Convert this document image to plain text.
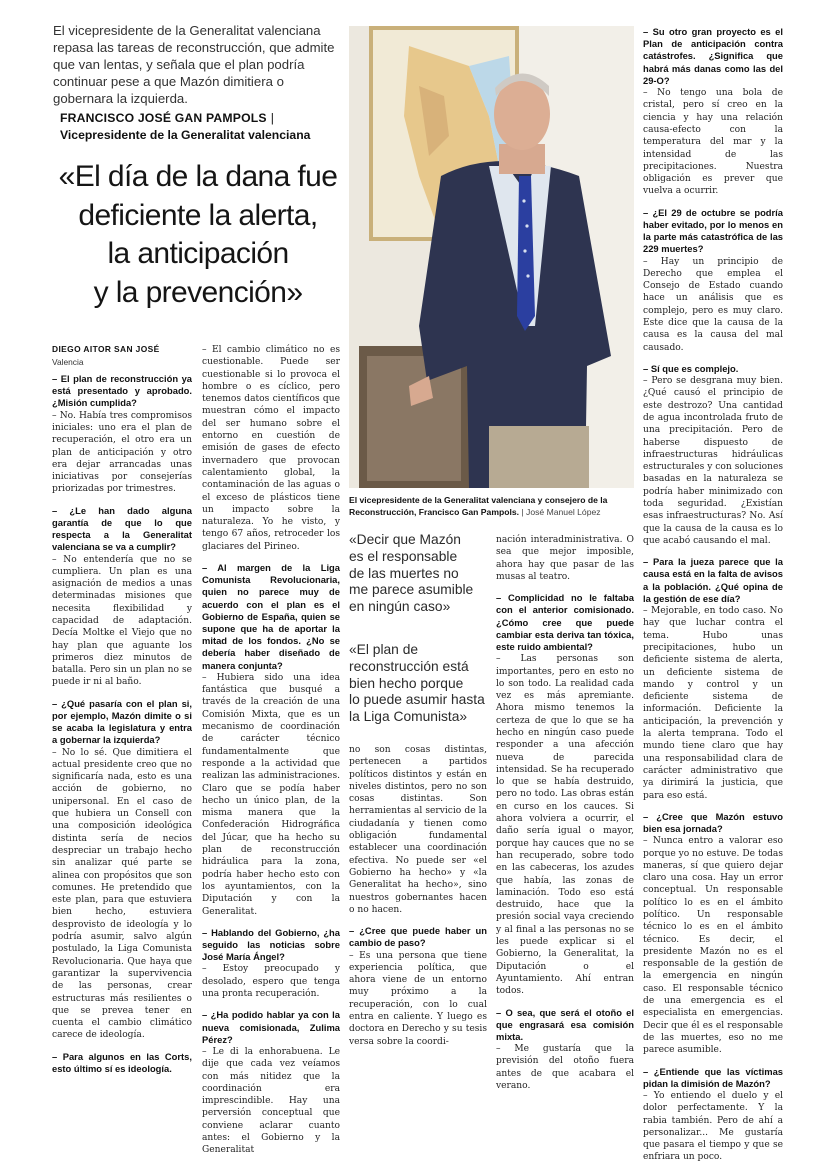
El vicepresidente de la Generalitat valenciana repasa las tareas de reconstrucción, que admite que van lentas, y señala que el plan podría continuar pese a que Mazón dimitiera o gobernara la izquierda.
FRANCISCO JOSÉ GAN PAMPOLS |
Vicepresidente de la Generalitat valenciana
«El día de la dana fue
deficiente la alerta,
la anticipación
y la prevención»
DIEGO AITOR SAN JOSÉ
Valencia
El vicepresidente de la Generalitat valenciana y consejero de la Reconstrucción, Francisco Gan Pampols. | José Manuel López
«Decir que Mazón
es el responsable
de las muertes no
me parece asumible
en ningún caso»
«El plan de
reconstrucción está
bien hecho porque
lo puede asumir hasta
la Liga Comunista»
– El plan de reconstrucción ya está presentado y aprobado. ¿Misión cumplida?
– No. Había tres compromisos iniciales: uno era el plan de recuperación, el otro era un plan de anticipación y otro era dejar arrancadas unas iniciativas por consejerías priorizadas por trimestres.
– ¿Le han dado alguna garantía de que lo que respecta a la Generalitat valenciana se va a cumplir?
– No entendería que no se cumpliera. Un plan es una asignación de medios a unas determinadas misiones que necesita flexibilidad y capacidad de adaptación. Decía Moltke el Viejo que no hay plan que aguante los primeros diez minutos de batalla. Pero sin un plan no se puede ir ni al baño.
– ¿Qué pasaría con el plan si, por ejemplo, Mazón dimite o si se acaba la legislatura y entra a gobernar la izquierda?
– No lo sé. Que dimitiera el actual presidente creo que no significaría nada, esto es una acción de gobierno, no unipersonal. En el caso de que hubiera un Consell con una composición ideológica distinta sería de necios despreciar un trabajo hecho sin analizar qué parte se alinea con propósitos que son comunes. He pretendido que este plan, para que estuviera bien hecho, estuviera desprovisto de ideología y lo podría asumir, salvo algún postulado, la Liga Comunista Revolucionaria. Que haya que garantizar la supervivencia de las personas, crear estructuras más resilientes o que se prevea tener en cuenta el cambio climático carece de ideología.
– Para algunos en las Corts, esto último sí es ideología.
– El cambio climático no es cuestionable. Puede ser cuestionable si lo provoca el hombre o es cíclico, pero tenemos datos científicos que muestran cómo el impacto del ser humano sobre el entorno en cuestión de emisión de gases de efecto invernadero que provocan calentamiento global, la contaminación de las aguas o el exceso de plásticos tiene un impacto sobre la naturaleza. Yo he visto, y tengo 67 años, retroceder los glaciares del Pirineo.
– Al margen de la Liga Comunista Revolucionaria, quien no parece muy de acuerdo con el plan es el Gobierno de España, quien se supone que ha de aportar la mitad de los fondos. ¿No se debería haber diseñado de manera conjunta?
– Hubiera sido una idea fantástica que busqué a través de la creación de una Comisión Mixta, que es un mecanismo de coordinación de carácter técnico fundamentalmente que responde a la actividad que realizan las administraciones. Claro que se podía haber hecho un único plan, de la misma manera que la Confederación Hidrográfica del Júcar, que ha hecho su plan de reconstrucción hidráulica para la zona, podría haber hecho esto con los ayuntamientos, con la Diputación y con la Generalitat.
– Hablando del Gobierno, ¿ha seguido las noticias sobre José María Ángel?
– Estoy preocupado y desolado, espero que tenga una pronta recuperación.
– ¿Ha podido hablar ya con la nueva comisionada, Zulima Pérez?
– Le di la enhorabuena. Le dije que cada vez veíamos con más nitidez que la coordinación era imprescindible. Hay una perversión conceptual que conviene aclarar cuanto antes: el Gobierno y la Generalitat
no son cosas distintas, pertenecen a partidos políticos distintos y están en niveles distintos, pero no son cosas distintas. Son herramientas al servicio de la ciudadanía y tienen como obligación fundamental establecer una coordinación efectiva. No puede ser «el Gobierno ha hecho» y «la Generalitat ha hecho», sino nuestros gobernantes hacen o no hacen.
– ¿Cree que puede haber un cambio de paso?
– Es una persona que tiene experiencia política, que ahora viene de un entorno muy próximo a la recuperación, con lo cual entra en caliente. Y luego es doctora en Derecho y su tesis versa sobre la coordi-
nación interadministrativa. O sea que mejor imposible, ahora hay que pasar de las musas al teatro.
– Complicidad no le faltaba con el anterior comisionado. ¿Cómo cree que puede cambiar esta deriva tan tóxica, este ruido ambiental?
– Las personas son importantes, pero en esto no lo son todo. La realidad cada vez es más apremiante. Ahora mismo tenemos la certeza de que lo que se ha hecho en ningún caso puede responder a una afección nueva de parecida intensidad. Se ha recuperado lo que se había destruido, pero no todo. Las obras están en curso en los cauces. Si ahora volviera a ocurrir, el daño sería igual o mayor, porque hay cauces que no se han recuperado, sobre todo en las cabeceras, los azudes que había, las zonas de laminación. Todo eso está destruido, hace que la presión social vaya creciendo y al final a las personas no se les puede explicar si el Gobierno, la Generalitat, la Diputación o el Ayuntamiento. Ahí entran todos.
– O sea, que será el otoño el que engrasará esa comisión mixta.
– Me gustaría que la previsión del otoño fuera antes de que acabara el verano.
– Su otro gran proyecto es el Plan de anticipación contra catástrofes. ¿Significa que habrá más danas como las del 29-O?
– No tengo una bola de cristal, pero sí creo en la ciencia y hay una relación causa-efecto con la temperatura del mar y la intensidad de las precipitaciones. Nuestra obligación es prever que vuelva a ocurrir.
– ¿El 29 de octubre se podría haber evitado, por lo menos en la parte más catastrófica de las 229 muertes?
– Hay un principio de Derecho que emplea el Consejo de Estado cuando hace un análisis que es complejo, pero es muy claro. Este dice que la causa de la causa es la causa del mal causado.
– Sí que es complejo.
– Pero se desgrana muy bien. ¿Qué causó el principio de este destrozo? Una cantidad de agua incontrolada fruto de una precipitación. Pero de haberse dispuesto de infraestructuras hidráulicas estructurales y con soluciones basadas en la naturaleza se podría haber minimizado con toda seguridad. ¿Existían esas infraestructuras? No. Así que la causa de la causa es lo que acabó causando el mal.
– Para la jueza parece que la causa está en la falta de avisos a la población. ¿Qué opina de la gestión de ese día?
– Mejorable, en todo caso. No hay que luchar contra el tema. Hubo unas precipitaciones, hubo un deficiente sistema de alerta, un deficiente sistema de mando y control y un deficiente sistema de información. Deficiente la anticipación, la prevención y la alerta temprana. Todo el mundo tiene claro que hay una responsabilidad clara de carácter administrativo que ya dirimirá la justicia, que para eso está.
– ¿Cree que Mazón estuvo bien esa jornada?
– Nunca entro a valorar eso porque yo no estuve. De todas maneras, sí que quiero dejar claro una cosa. Hay un error conceptual. Un responsable político lo es en el ámbito político. Un responsable técnico lo es en el ámbito técnico. Es decir, el presidente Mazón no es el responsable de la gestión de la emergencia en ningún caso. El responsable técnico de una emergencia es el especialista en emergencias. Decir que él es el responsable de las muertes, eso no me parece asumible.
– ¿Entiende que las víctimas pidan la dimisión de Mazón?
– Yo entiendo el duelo y el dolor perfectamente. Y la rabia también. Pero de ahí a personalizar... Me gustaría que pasara el tiempo y que se enfriara un poco.
